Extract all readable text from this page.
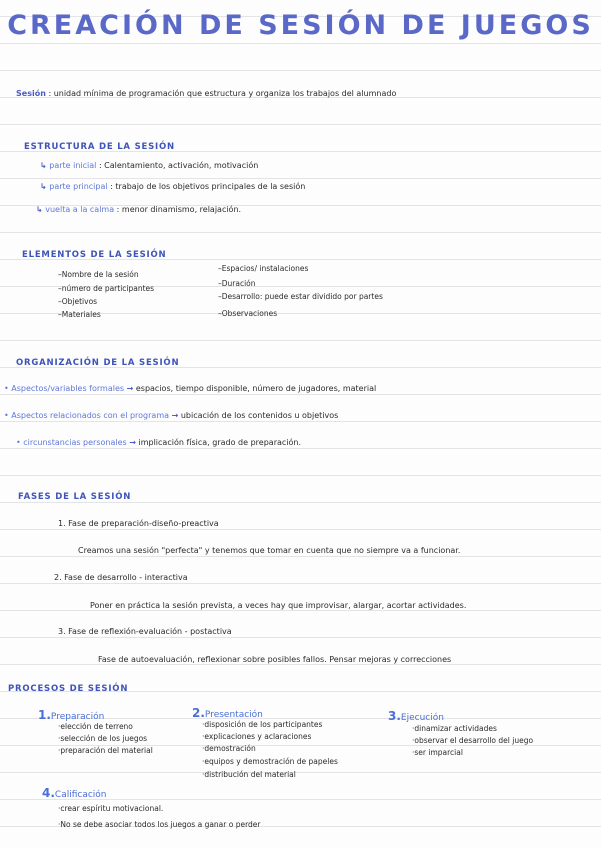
CREACIÓN DE SESIÓN DE JUEGOS
Sesión : unidad mínima de programación que estructura y organiza los trabajos del alumnado
ESTRUCTURA DE LA SESIÓN
↳ parte inicial : Calentamiento, activación, motivación
↳ parte principal : trabajo de los objetivos principales de la sesión
↳ vuelta a la calma : menor dinamismo, relajación.
ELEMENTOS DE LA SESIÓN
–Nombre de la sesión
–número de participantes
–Objetivos
–Materiales
–Espacios/ instalaciones
–Duración
–Desarrollo: puede estar dividido por partes
–Observaciones
ORGANIZACIÓN DE LA SESIÓN
• Aspectos/variables formales → espacios, tiempo disponible, número de jugadores, material
• Aspectos relacionados con el programa → ubicación de los contenidos u objetivos
• circunstancias personales → implicación física, grado de preparación.
FASES DE LA SESIÓN
1. Fase de preparación-diseño-preactiva
Creamos una sesión "perfecta" y tenemos que tomar en cuenta que no siempre va a funcionar.
2. Fase de desarrollo - interactiva
Poner en práctica la sesión prevista, a veces hay que improvisar, alargar, acortar actividades.
3. Fase de reflexión-evaluación - postactiva
Fase de autoevaluación, reflexionar sobre posibles fallos. Pensar mejoras y correcciones
PROCESOS DE SESIÓN
1.Preparación
·elección de terreno
·selección de los juegos
·preparación del material
2.Presentación
·disposición de los participantes
·explicaciones y aclaraciones
·demostración
·equipos y demostración de papeles
·distribución del material
3.Ejecución
·dinamizar actividades
·observar el desarrollo del juego
·ser imparcial
4.Calificación
·crear espíritu motivacional.
·No se debe asociar todos los juegos a ganar o perder
